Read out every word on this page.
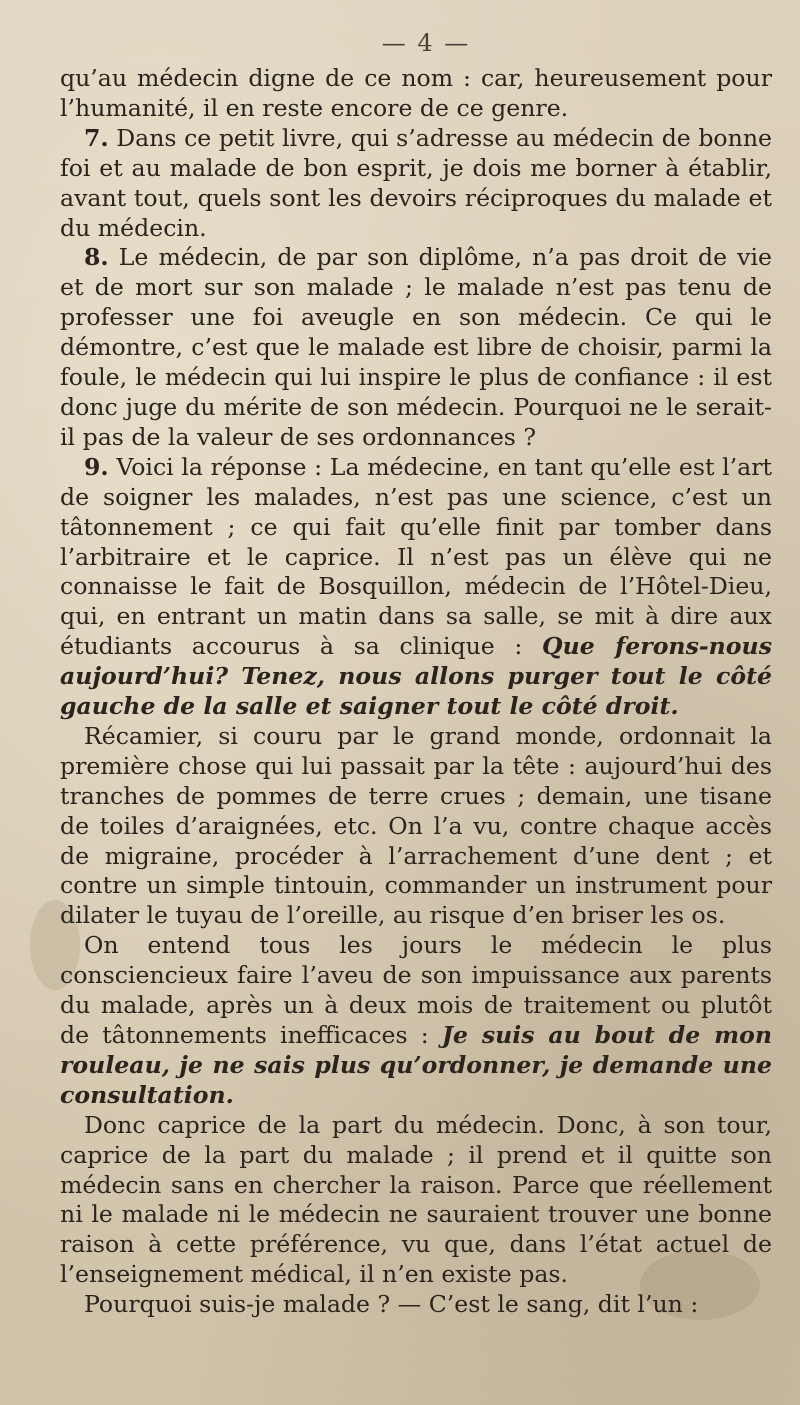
— 4 —

qu’au médecin digne de ce nom : car, heureusement pour l’humanité, il en reste encore de ce genre.

7. Dans ce petit livre, qui s’adresse au médecin de bonne foi et au malade de bon esprit, je dois me borner à établir, avant tout, quels sont les devoirs réciproques du malade et du médecin.

8. Le médecin, de par son diplôme, n’a pas droit de vie et de mort sur son malade ; le malade n’est pas tenu de professer une foi aveugle en son médecin. Ce qui le démontre, c’est que le malade est libre de choisir, parmi la foule, le médecin qui lui inspire le plus de confiance : il est donc juge du mérite de son médecin. Pourquoi ne le serait-il pas de la valeur de ses ordonnances ?

9. Voici la réponse : La médecine, en tant qu’elle est l’art de soigner les malades, n’est pas une science, c’est un tâtonnement ; ce qui fait qu’elle finit par tomber dans l’arbitraire et le caprice. Il n’est pas un élève qui ne connaisse le fait de Bosquillon, médecin de l’Hôtel-Dieu, qui, en entrant un matin dans sa salle, se mit à dire aux étudiants accourus à sa clinique : Que ferons-nous aujourd’hui? Tenez, nous allons purger tout le côté gauche de la salle et saigner tout le côté droit.

Récamier, si couru par le grand monde, ordonnait la première chose qui lui passait par la tête : aujourd’hui des tranches de pommes de terre crues ; demain, une tisane de toiles d’araignées, etc. On l’a vu, contre chaque accès de migraine, procéder à l’arrachement d’une dent ; et contre un simple tintouin, commander un instrument pour dilater le tuyau de l’oreille, au risque d’en briser les os.

On entend tous les jours le médecin le plus consciencieux faire l’aveu de son impuissance aux parents du malade, après un à deux mois de traitement ou plutôt de tâtonnements inefficaces : Je suis au bout de mon rouleau, je ne sais plus qu’ordonner, je demande une consultation.

Donc caprice de la part du médecin. Donc, à son tour, caprice de la part du malade ; il prend et il quitte son médecin sans en chercher la raison. Parce que réellement ni le malade ni le médecin ne sauraient trouver une bonne raison à cette préférence, vu que, dans l’état actuel de l’enseignement médical, il n’en existe pas.

Pourquoi suis-je malade ? — C’est le sang, dit l’un :
